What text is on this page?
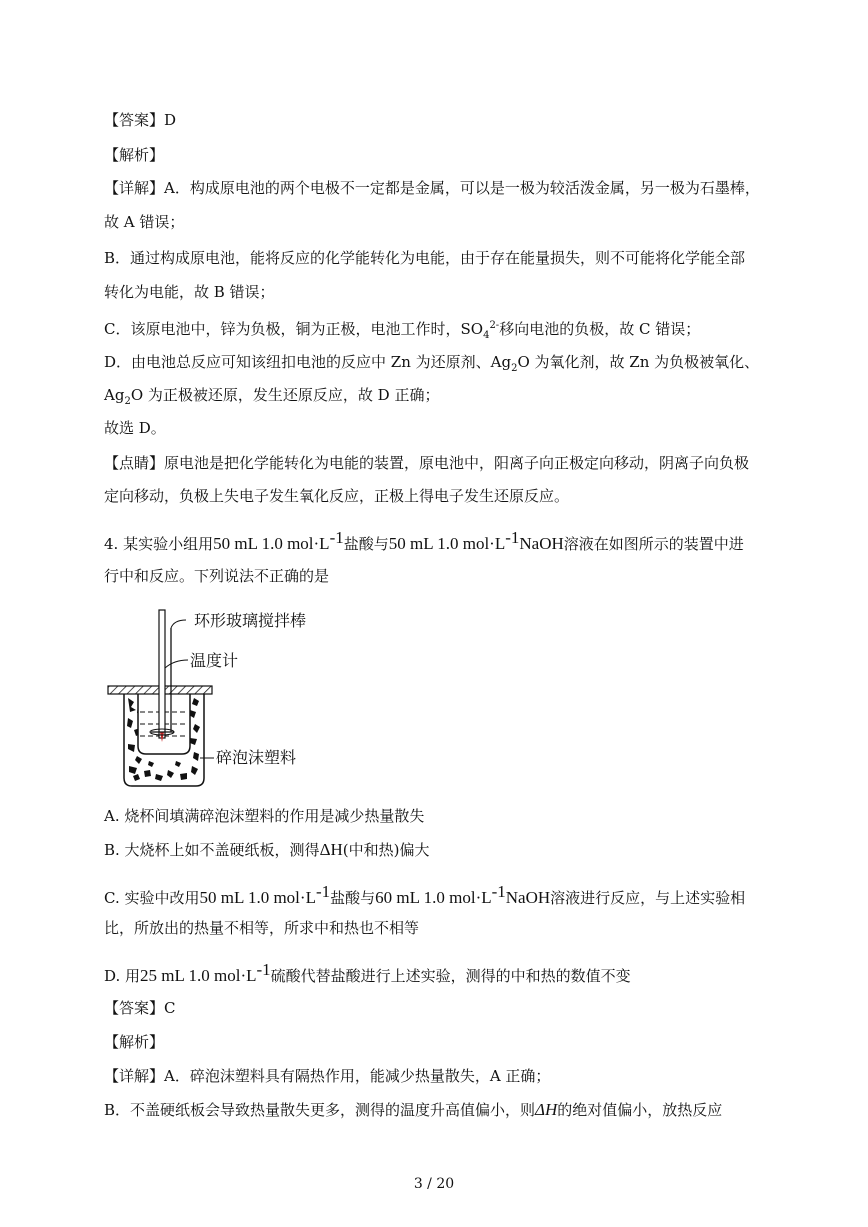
【答案】D
【解析】
【详解】A．构成原电池的两个电极不一定都是金属，可以是一极为较活泼金属，另一极为石墨棒，
故 A 错误；
B．通过构成原电池，能将反应的化学能转化为电能，由于存在能量损失，则不可能将化学能全部
转化为电能，故 B 错误；
C．该原电池中，锌为负极，铜为正极，电池工作时，$SO_4^{2-}$移向电池的负极，故 C 错误；
D．由电池总反应可知该纽扣电池的反应中 Zn 为还原剂、$Ag_2O$ 为氧化剂，故 Zn 为负极被氧化、
$Ag_2O$ 为正极被还原，发生还原反应，故 D 正确；
故选 D。
【点睛】原电池是把化学能转化为电能的装置，原电池中，阳离子向正极定向移动，阴离子向负极
定向移动，负极上失电子发生氧化反应，正极上得电子发生还原反应。
4. 某实验小组用50 mL 1.0 $mol\cdot L^{-1}$盐酸与50 mL 1.0 $mol\cdot L^{-1}NaOH$溶液在如图所示的装置中进
行中和反应。下列说法不正确的是
环形玻璃搅拌棒
温度计
碎泡沫塑料
A. 烧杯间填满碎泡沫塑料的作用是减少热量散失
B. 大烧杯上如不盖硬纸板，测得ΔH(中和热)偏大
C. 实验中改用50 mL 1.0 $mol\cdot L^{-1}$盐酸与60 mL 1.0 $mol\cdot L^{-1}NaOH$溶液进行反应，与上述实验相
比，所放出的热量不相等，所求中和热也不相等
D. 用25 mL 1.0 $mol\cdot L^{-1}$硫酸代替盐酸进行上述实验，测得的中和热的数值不变
【答案】C
【解析】
【详解】A．碎泡沫塑料具有隔热作用，能减少热量散失，A 正确；
B．不盖硬纸板会导致热量散失更多，测得的温度升高值偏小，则ΔH的绝对值偏小，放热反应
3 / 20
